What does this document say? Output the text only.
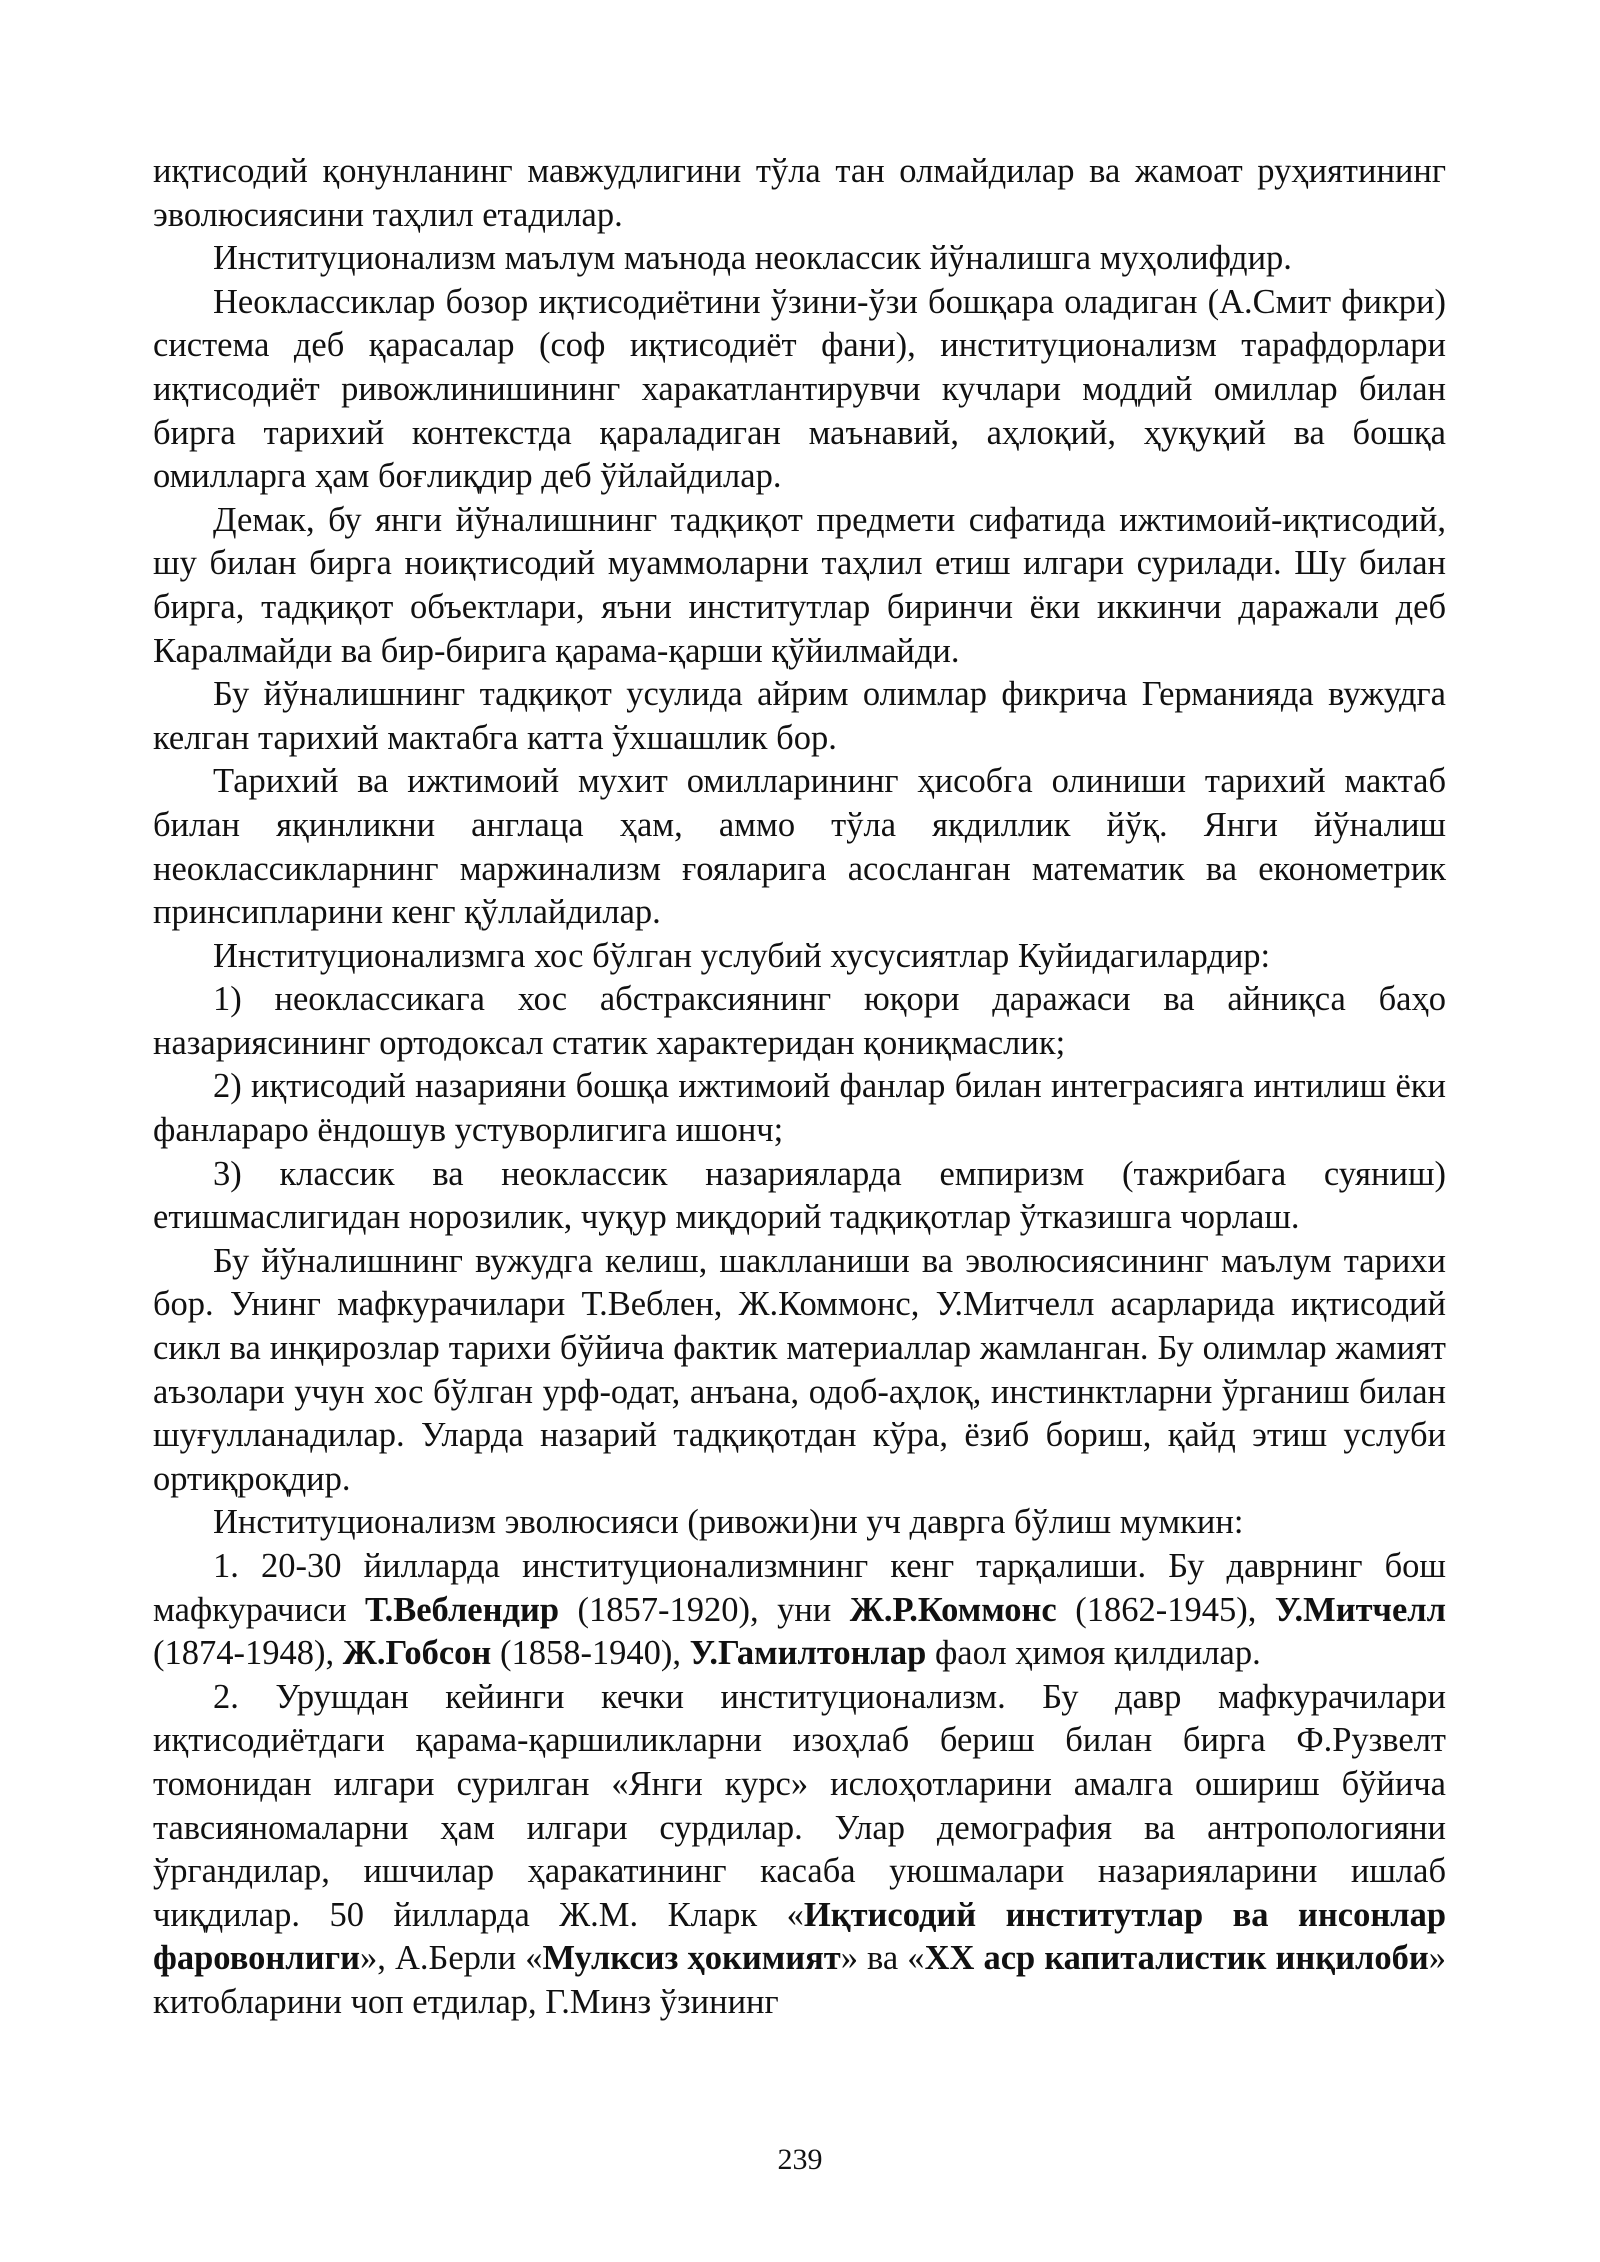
иқтисодий қонунланинг мавжудлигини тўла тан олмайдилар ва жамоат руҳиятининг эволюсиясини таҳлил етадилар.

Институционализм маълум маънода неоклассик йўналишга муҳолифдир.

Неоклассиклар бозор иқтисодиётини ўзини-ўзи бошқара оладиган (А.Смит фикри) система деб қарасалар (соф иқтисодиёт фани), институционализм тарафдорлари иқтисодиёт ривожлинишининг харакатлантирувчи кучлари моддий омиллар билан бирга тарихий контекстда қараладиган маънавий, аҳлоқий, ҳуқуқий ва бошқа омилларга ҳам боғлиқдир деб ўйлайдилар.

Демак, бу янги йўналишнинг тадқиқот предмети сифатида ижтимоий-иқтисодий, шу билан бирга ноиқтисодий муаммоларни таҳлил етиш илгари сурилади. Шу билан бирга, тадқиқот объектлари, яъни институтлар биринчи ёки иккинчи даражали деб Каралмайди ва бир-бирига қарама-қарши қўйилмайди.

Бу йўналишнинг тадқиқот усулида айрим олимлар фикрича Германияда вужудга келган тарихий мактабга катта ўхшашлик бор.

Тарихий ва ижтимоий мухит омилларининг ҳисобга олиниши тарихий мактаб билан яқинликни англаца ҳам, аммо тўла якдиллик йўқ. Янги йўналиш неоклассикларнинг маржинализм ғояларига асосланган математик ва економетрик принсипларини кенг қўллайдилар.

Институционализмга хос бўлган услубий хусусиятлар Куйидагилардир:

1) неоклассикага хос абстраксиянинг юқори даражаси ва айниқса баҳо назариясининг ортодоксал статик характеридан қониқмаслик;

2) иқтисодий назарияни бошқа ижтимоий фанлар билан интеграсияга интилиш ёки фанлараро ёндошув устуворлигига ишонч;

3) классик ва неоклассик назарияларда емпиризм (тажрибага суяниш) етишмаслигидан норозилик, чуқур миқдорий тадқиқотлар ўтказишга чорлаш.

Бу йўналишнинг вужудга келиш, шаклланиши ва эволюсиясининг маълум тарихи бор. Унинг мафкурачилари Т.Веблен, Ж.Коммонс, У.Митчелл асарларида иқтисодий сикл ва инқирозлар тарихи бўйича фактик материаллар жамланган. Бу олимлар жамият аъзолари учун хос бўлган урф-одат, анъана, одоб-аҳлоқ, инстинктларни ўрганиш билан шуғулланадилар. Уларда назарий тадқиқотдан кўра, ёзиб бориш, қайд этиш услуби ортиқроқдир.

Институционализм эволюсияси (ривожи)ни уч даврга бўлиш мумкин:

1. 20-30 йилларда институционализмнинг кенг тарқалиши. Бу даврнинг бош мафкурачиси Т.Веблендир (1857-1920), уни Ж.Р.Коммонс (1862-1945), У.Митчелл (1874-1948), Ж.Гобсон (1858-1940), У.Гамилтонлар фаол ҳимоя қилдилар.

2. Урушдан кейинги кечки институционализм. Бу давр мафкурачилари иқтисодиётдаги қарама-қаршиликларни изоҳлаб бериш билан бирга Ф.Рузвелт томонидан илгари сурилган «Янги курс» ислоҳотларини амалга ошириш бўйича тавсияномаларни ҳам илгари сурдилар. Улар демография ва антропологияни ўргандилар, ишчилар ҳаракатининг касаба уюшмалари назарияларини ишлаб чиқдилар. 50 йилларда Ж.М. Кларк «Иқтисодий институтлар ва инсонлар фаровонлиги», А.Берли «Мулксиз ҳокимият» ва «XX аср капиталистик инқилоби» китобларини чоп етдилар, Г.Минз ўзининг

239
